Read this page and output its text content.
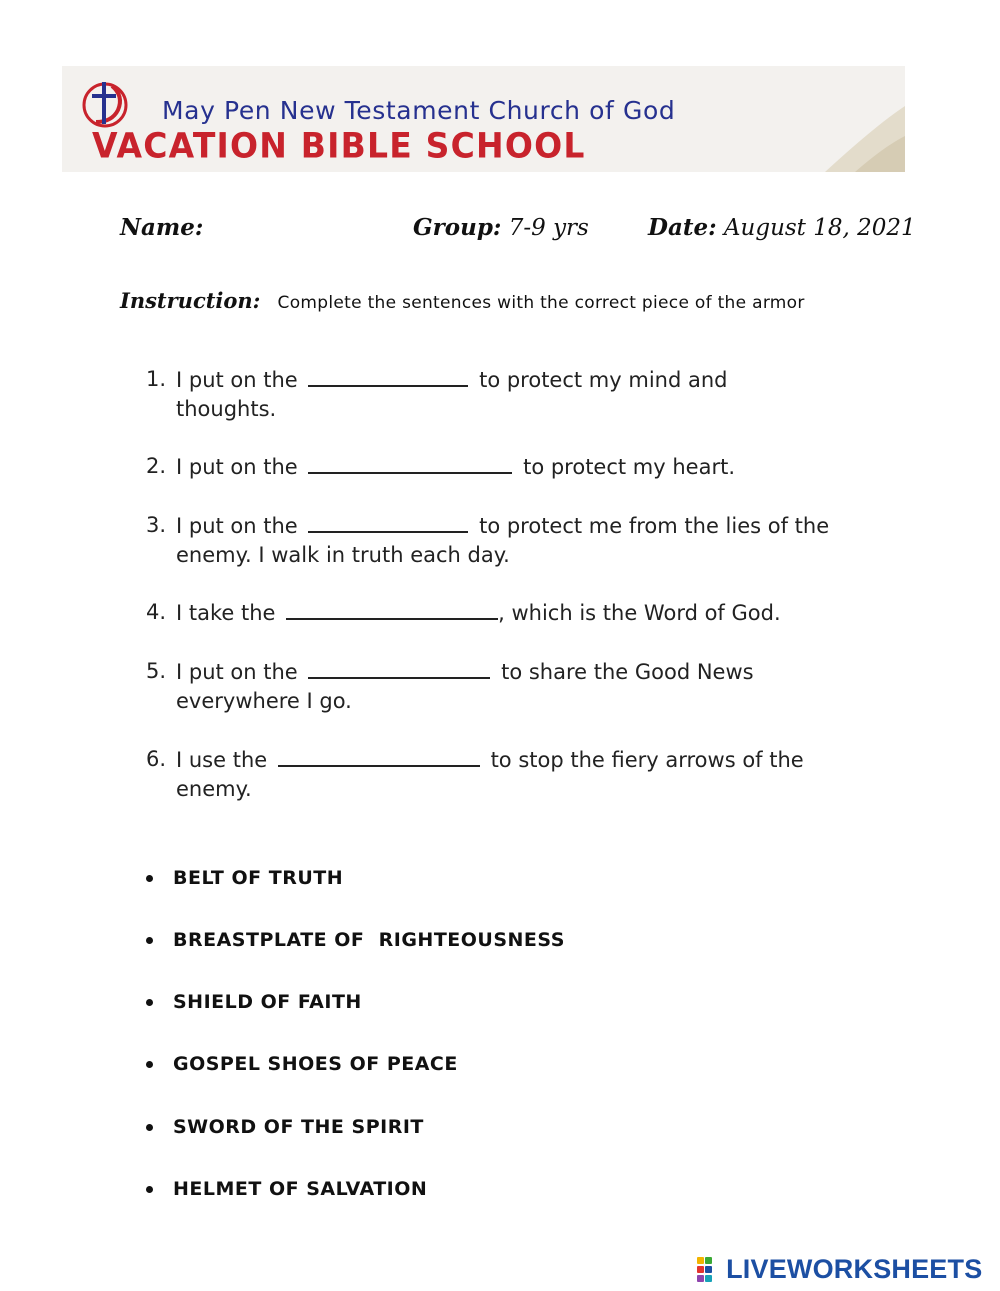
May Pen New Testament Church of God
VACATION BIBLE SCHOOL
Name:	Group: 7-9 yrs	Date: August 18, 2021
Instruction: Complete the sentences with the correct piece of the armor
1. I put on the	to protect my mind and
thoughts.
2. I put on the	to protect my heart.
3. I put on the	to protect me from the lies of the
enemy. I walk in truth each day.
4. I take the	, which is the Word of God.
5. I put on the	to share the Good News
everywhere I go.
6. I use the	to stop the fiery arrows of the
enemy.
BELT OF TRUTH
BREASTPLATE OF  RIGHTEOUSNESS
SHIELD OF FAITH
GOSPEL SHOES OF PEACE
SWORD OF THE SPIRIT
HELMET OF SALVATION
LIVEWORKSHEETS
